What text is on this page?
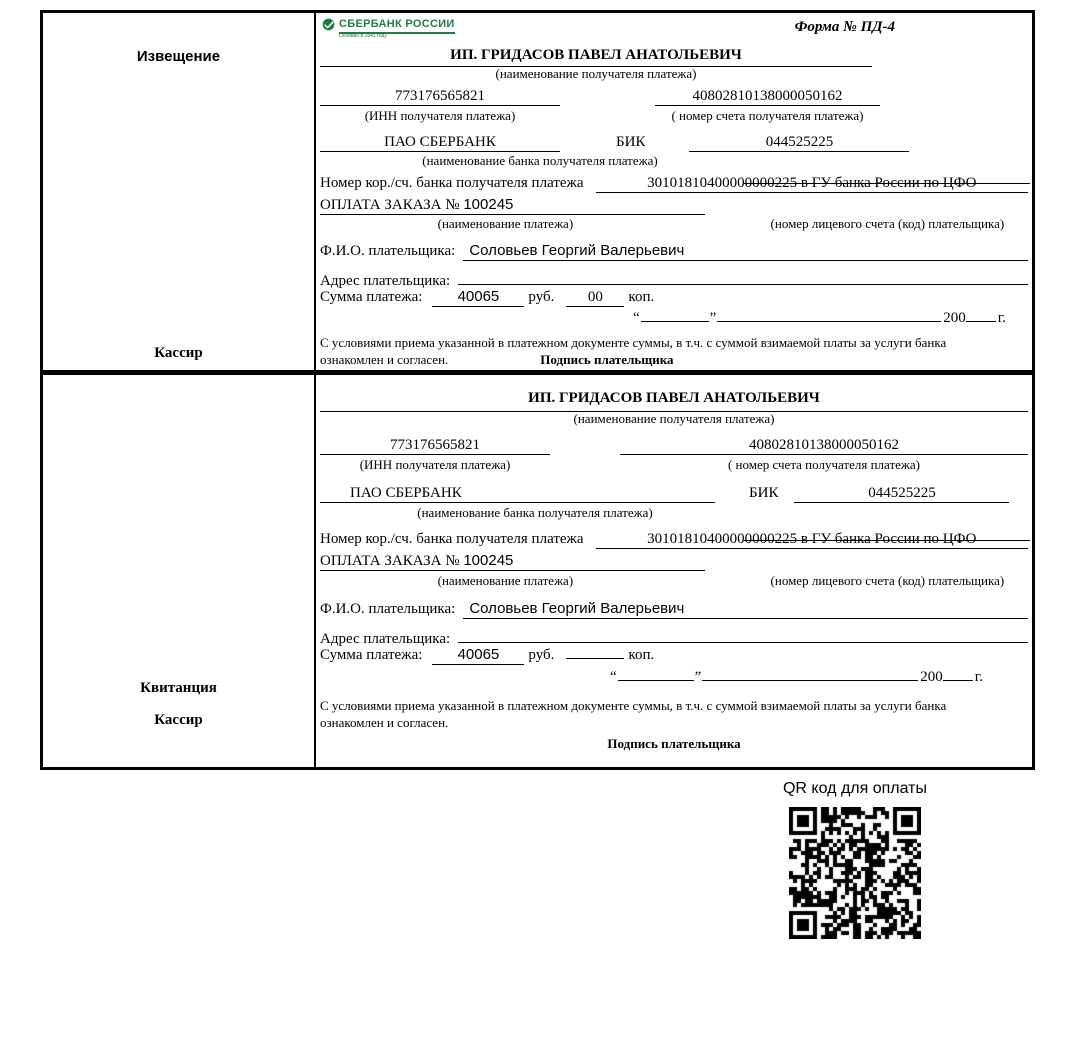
Извещение
Кассир
СБЕРБАНК РОССИИ
Основан в 1841 году
Форма № ПД-4
ИП. ГРИДАСОВ ПАВЕЛ АНАТОЛЬЕВИЧ
(наименование получателя платежа)
773176565821	40802810138000050162
(ИНН получателя платежа)	( номер счета получателя платежа)
ПАО СБЕРБАНК	БИК	044525225
(наименование банка получателя платежа)
Номер кор./сч. банка получателя платежа	30101810400000000225 в ГУ банка России по ЦФО
ОПЛАТА ЗАКАЗА № 100245
(наименование платежа)	(номер лицевого счета (код) плательщика)
Ф.И.О. плательщика: Соловьев Георгий Валерьевич
Адрес плательщика:
Сумма платежа:	40065	руб.	00	коп.
“	”	200 г.
С условиями приема указанной в платежном документе суммы, в т.ч. с суммой взимаемой платы за услуги банка
ознакомлен и согласен.	Подпись плательщика
Квитанция
Кассир
ИП. ГРИДАСОВ ПАВЕЛ АНАТОЛЬЕВИЧ
(наименование получателя платежа)
773176565821	40802810138000050162
(ИНН получателя платежа)	( номер счета получателя платежа)
ПАО СБЕРБАНК	БИК	044525225
(наименование банка получателя платежа)
Номер кор./сч. банка получателя платежа	30101810400000000225 в ГУ банка России по ЦФО
ОПЛАТА ЗАКАЗА № 100245
(наименование платежа)	(номер лицевого счета (код) плательщика)
Ф.И.О. плательщика: Соловьев Георгий Валерьевич
Адрес плательщика:
Сумма платежа:	40065	руб.	коп.
“	”	200 г.
С условиями приема указанной в платежном документе суммы, в т.ч. с суммой взимаемой платы за услуги банка
ознакомлен и согласен.
Подпись плательщика
QR код для оплаты
